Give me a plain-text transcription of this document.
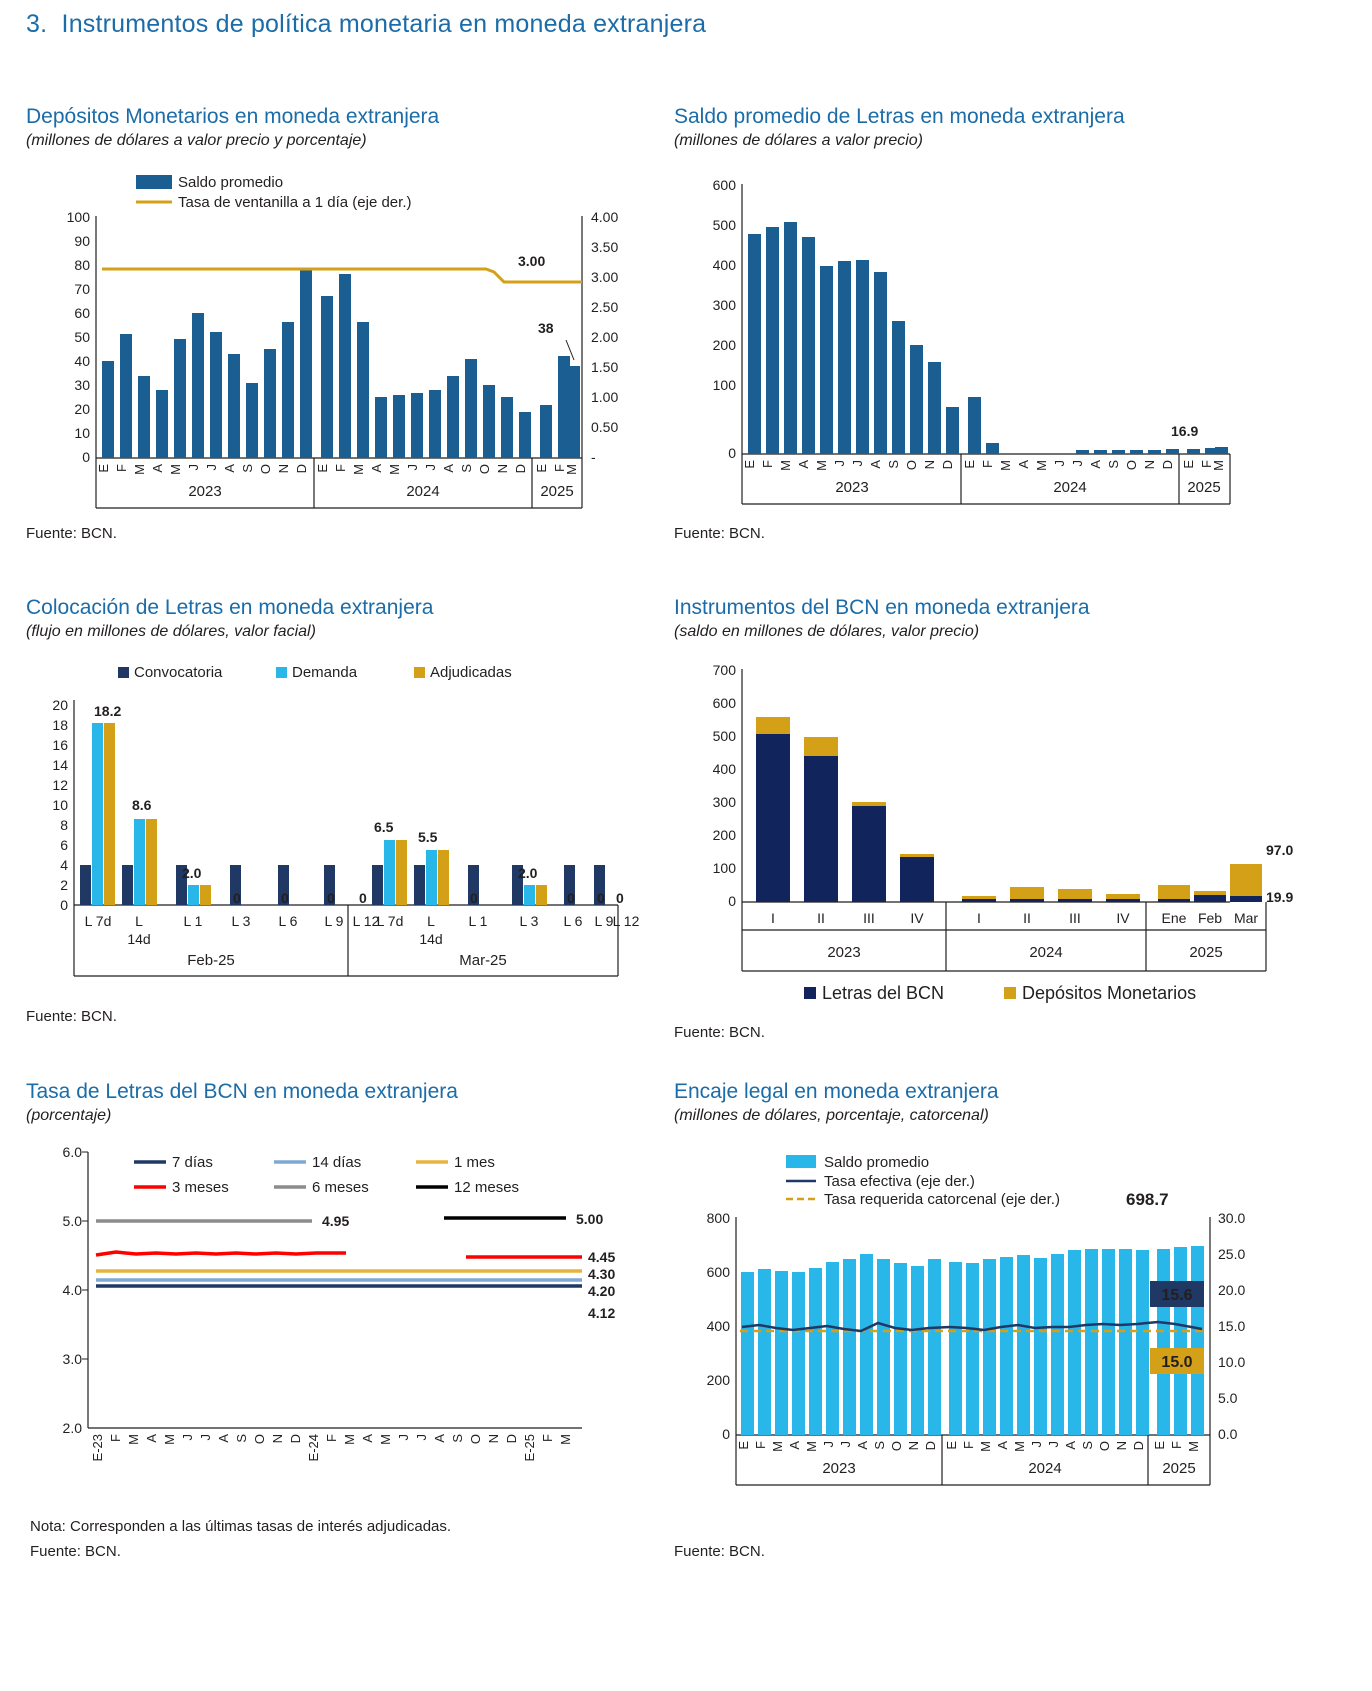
3. Instrumentos de política monetaria en moneda extranjera
Depósitos Monetarios en moneda extranjera
(millones de dólares a valor precio y porcentaje)
Saldo promedio
Tasa de ventanilla a 1 día (eje der.)
100
90
80
70
60
50
40
30
20
10
0
4.00
3.50
3.00
2.50
2.00
1.50
1.00
0.50
-
3.00
38
E F M A M J J A S O N D E F M A M J J A S O N D E F
M
2023	2024	2025
Fuente: BCN.
Saldo promedio de Letras en moneda extranjera
(millones de dólares a valor precio)
600
500
400
300
200
100
0
16.9
E F M A M J J A S O N D E F M A M J J A S O N D E F
M
2023	2024	2025
Fuente: BCN.
Colocación de Letras en moneda extranjera
(flujo en millones de dólares, valor facial)
Convocatoria	Demanda	Adjudicadas
20
18
16
14
12
10
8
6
4
2
0
18.2
8.6
2.0
0	0	0 0
6.5
5.5
0
2.0
0 0 0
L 7d L
14d
L 1 L 3 L 6 L 9 L 12
L 7d L
14d
L 1 L 3 L 6 L 9 L 12
Feb-25	Mar-25
Fuente: BCN.
Instrumentos del BCN en moneda extranjera
(saldo en millones de dólares, valor precio)
700
600
500
400
300
200
100
0
97.0
19.9
I	II	III	IV	I	II	III	IV Ene Feb Mar
2023	2024	2025
Letras del BCN	Depósitos Monetarios
Fuente: BCN.
Tasa de Letras del BCN en moneda extranjera
(porcentaje)
7 días	14 días	1 mes
3 meses	6 meses	12 meses
6.0
5.0
4.0
3.0
2.0
4.95	5.00
4.45
4.30
4.20
4.12
E-23 F M A M J J A S O N D E-24 F M A M J J A S O N D E-25 F M
Nota: Corresponden a las últimas tasas de interés adjudicadas.
Fuente: BCN.
Encaje legal en moneda extranjera
(millones de dólares, porcentaje, catorcenal)
Saldo promedio
Tasa efectiva (eje der.)
Tasa requerida catorcenal (eje der.)
800
600
400
200
0
30.0
25.0
20.0
15.0
10.0
5.0
0.0
698.7
15.6
15.0
E F M A M J J A S O N D E F M A M J J A S O N D E F M
2023	2024	2025
Fuente: BCN.
